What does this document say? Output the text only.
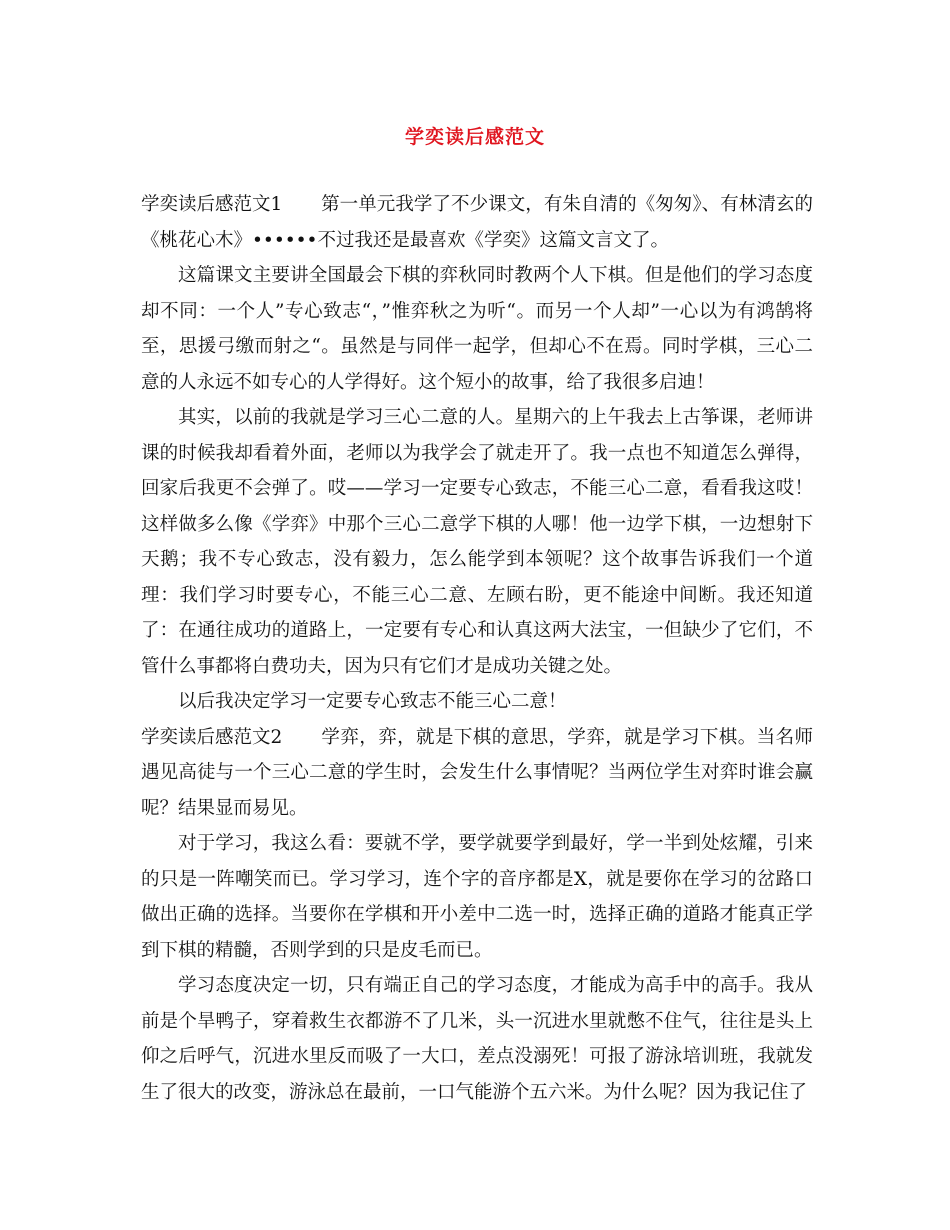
学奕读后感范文

学奕读后感范文1 第一单元我学了不少课文，有朱自清的《匆匆》、有林清玄的《桃花心木》••••••不过我还是最喜欢《学奕》这篇文言文了。

这篇课文主要讲全国最会下棋的弈秋同时教两个人下棋。但是他们的学习态度却不同：一个人”专心致志“，”惟弈秋之为听“。而另一个人却”一心以为有鸿鹄将至，思援弓缴而射之“。虽然是与同伴一起学，但却心不在焉。同时学棋，三心二意的人永远不如专心的人学得好。这个短小的故事，给了我很多启迪！

其实，以前的我就是学习三心二意的人。星期六的上午我去上古筝课，老师讲课的时候我却看着外面，老师以为我学会了就走开了。我一点也不知道怎么弹得，回家后我更不会弹了。哎——学习一定要专心致志，不能三心二意，看看我这哎！这样做多么像《学弈》中那个三心二意学下棋的人哪！他一边学下棋，一边想射下天鹅；我不专心致志，没有毅力，怎么能学到本领呢？这个故事告诉我们一个道理：我们学习时要专心，不能三心二意、左顾右盼，更不能途中间断。我还知道了：在通往成功的道路上，一定要有专心和认真这两大法宝，一但缺少了它们，不管什么事都将白费功夫，因为只有它们才是成功关键之处。

以后我决定学习一定要专心致志不能三心二意！

学奕读后感范文2 学弈，弈，就是下棋的意思，学弈，就是学习下棋。当名师遇见高徒与一个三心二意的学生时，会发生什么事情呢？当两位学生对弈时谁会赢呢？结果显而易见。

对于学习，我这么看：要就不学，要学就要学到最好，学一半到处炫耀，引来的只是一阵嘲笑而已。学习学习，连个字的音序都是X，就是要你在学习的岔路口做出正确的选择。当要你在学棋和开小差中二选一时，选择正确的道路才能真正学到下棋的精髓，否则学到的只是皮毛而已。

学习态度决定一切，只有端正自己的学习态度，才能成为高手中的高手。我从前是个旱鸭子，穿着救生衣都游不了几米，头一沉进水里就憋不住气，往往是头上仰之后呼气，沉进水里反而吸了一大口，差点没溺死！可报了游泳培训班，我就发生了很大的改变，游泳总在最前，一口气能游个五六米。为什么呢？因为我记住了
